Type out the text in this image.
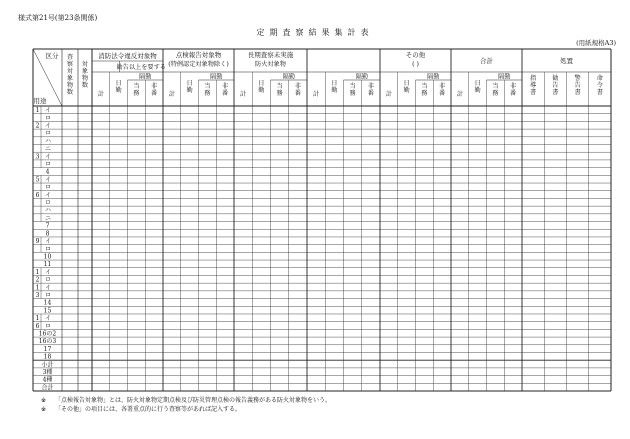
様式第21号(第23条関係)
定期査察結果集計表
(用紙規格A3)
区分
用途
査
察
対
象
物
数
対
象
物
数
消防法令違反対象物	点検報告対象物
(特例認定対象物除く)
長期査察未実施
防火対象物
その他
( )	合計
勧告以上を要する
計
日
勤
隔勤
当
務
非
番 計
日
勤
隔勤
当
務
非
番 計
日
勤
隔勤
当
務
非
番 計
日
勤
隔勤
当
務
非
番 計
日
勤
隔勤
当
務
非
番 計
日
勤
隔勤
当
務
非
番
処置
指
導
書
勧
告
書
警
告
書
命
令
書
1 イ
ロ
2 イ
ロ
ハ
ニ
3 イ
ロ
4
5 イ
ロ
6 イ
ロ
ハ
ニ
7
8
9 イ
ロ
10
11
1 イ
2 ロ
1 イ
3 ロ
14
15
1 イ
6 ロ
16の2
16の3
17
18
小計
3種
4種
合計
※ 「点検報告対象物」とは、防火対象物定期点検及び防災管理点検の報告義務がある防火対象物をいう。
※ 「その他」の項目には、各署重点的に行う査察等があれば記入する。
